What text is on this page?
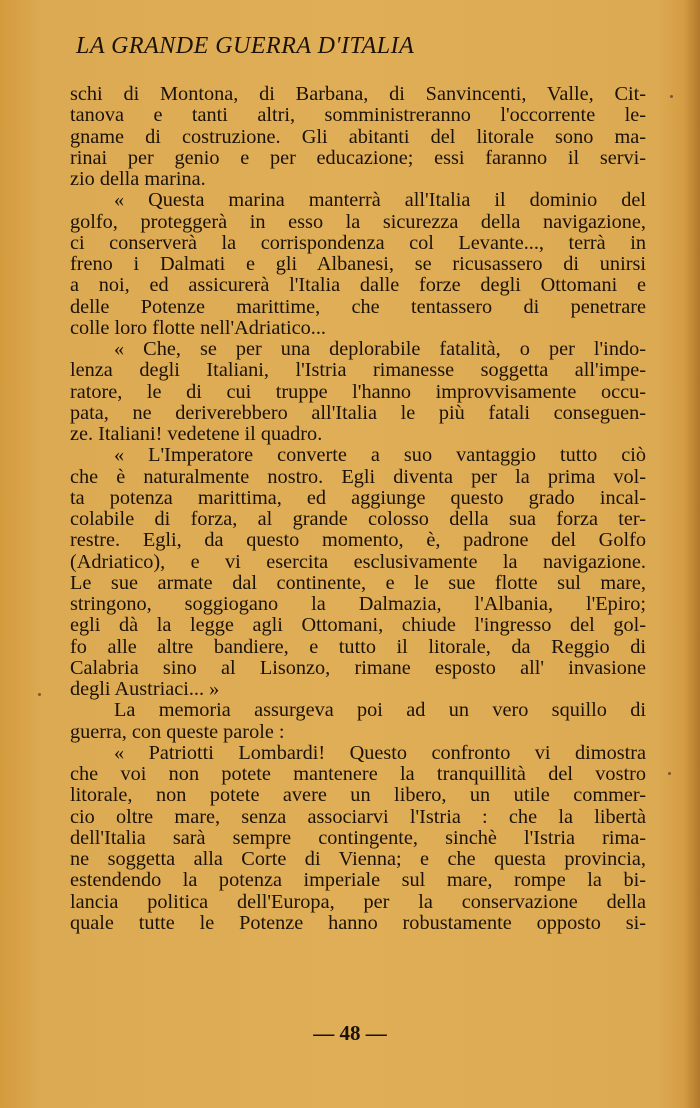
LA GRANDE GUERRA D'ITALIA
schi di Montona, di Barbana, di Sanvincenti, Valle, Cit-
tanova e tanti altri, somministreranno l'occorrente le-
gname di costruzione. Gli abitanti del litorale sono ma-
rinai per genio e per educazione; essi faranno il servi-
zio della marina.
« Questa marina manterrà all'Italia il dominio del
golfo, proteggerà in esso la sicurezza della navigazione,
ci conserverà la corrispondenza col Levante..., terrà in
freno i Dalmati e gli Albanesi, se ricusassero di unirsi
a noi, ed assicurerà l'Italia dalle forze degli Ottomani e
delle Potenze marittime, che tentassero di penetrare
colle loro flotte nell'Adriatico...
« Che, se per una deplorabile fatalità, o per l'indo-
lenza degli Italiani, l'Istria rimanesse soggetta all'impe-
ratore, le di cui truppe l'hanno improvvisamente occu-
pata, ne deriverebbero all'Italia le più fatali conseguen-
ze. Italiani! vedetene il quadro.
« L'Imperatore converte a suo vantaggio tutto ciò
che è naturalmente nostro. Egli diventa per la prima vol-
ta potenza marittima, ed aggiunge questo grado incal-
colabile di forza, al grande colosso della sua forza ter-
restre. Egli, da questo momento, è, padrone del Golfo
(Adriatico), e vi esercita esclusivamente la navigazione.
Le sue armate dal continente, e le sue flotte sul mare,
stringono, soggiogano la Dalmazia, l'Albania, l'Epiro;
egli dà la legge agli Ottomani, chiude l'ingresso del gol-
fo alle altre bandiere, e tutto il litorale, da Reggio di
Calabria sino al Lisonzo, rimane esposto all' invasione
degli Austriaci... »
La memoria assurgeva poi ad un vero squillo di
guerra, con queste parole :
« Patriotti Lombardi! Questo confronto vi dimostra
che voi non potete mantenere la tranquillità del vostro
litorale, non potete avere un libero, un utile commer-
cio oltre mare, senza associarvi l'Istria : che la libertà
dell'Italia sarà sempre contingente, sinchè l'Istria rima-
ne soggetta alla Corte di Vienna; e che questa provincia,
estendendo la potenza imperiale sul mare, rompe la bi-
lancia politica dell'Europa, per la conservazione della
quale tutte le Potenze hanno robustamente opposto si-
— 48 —
